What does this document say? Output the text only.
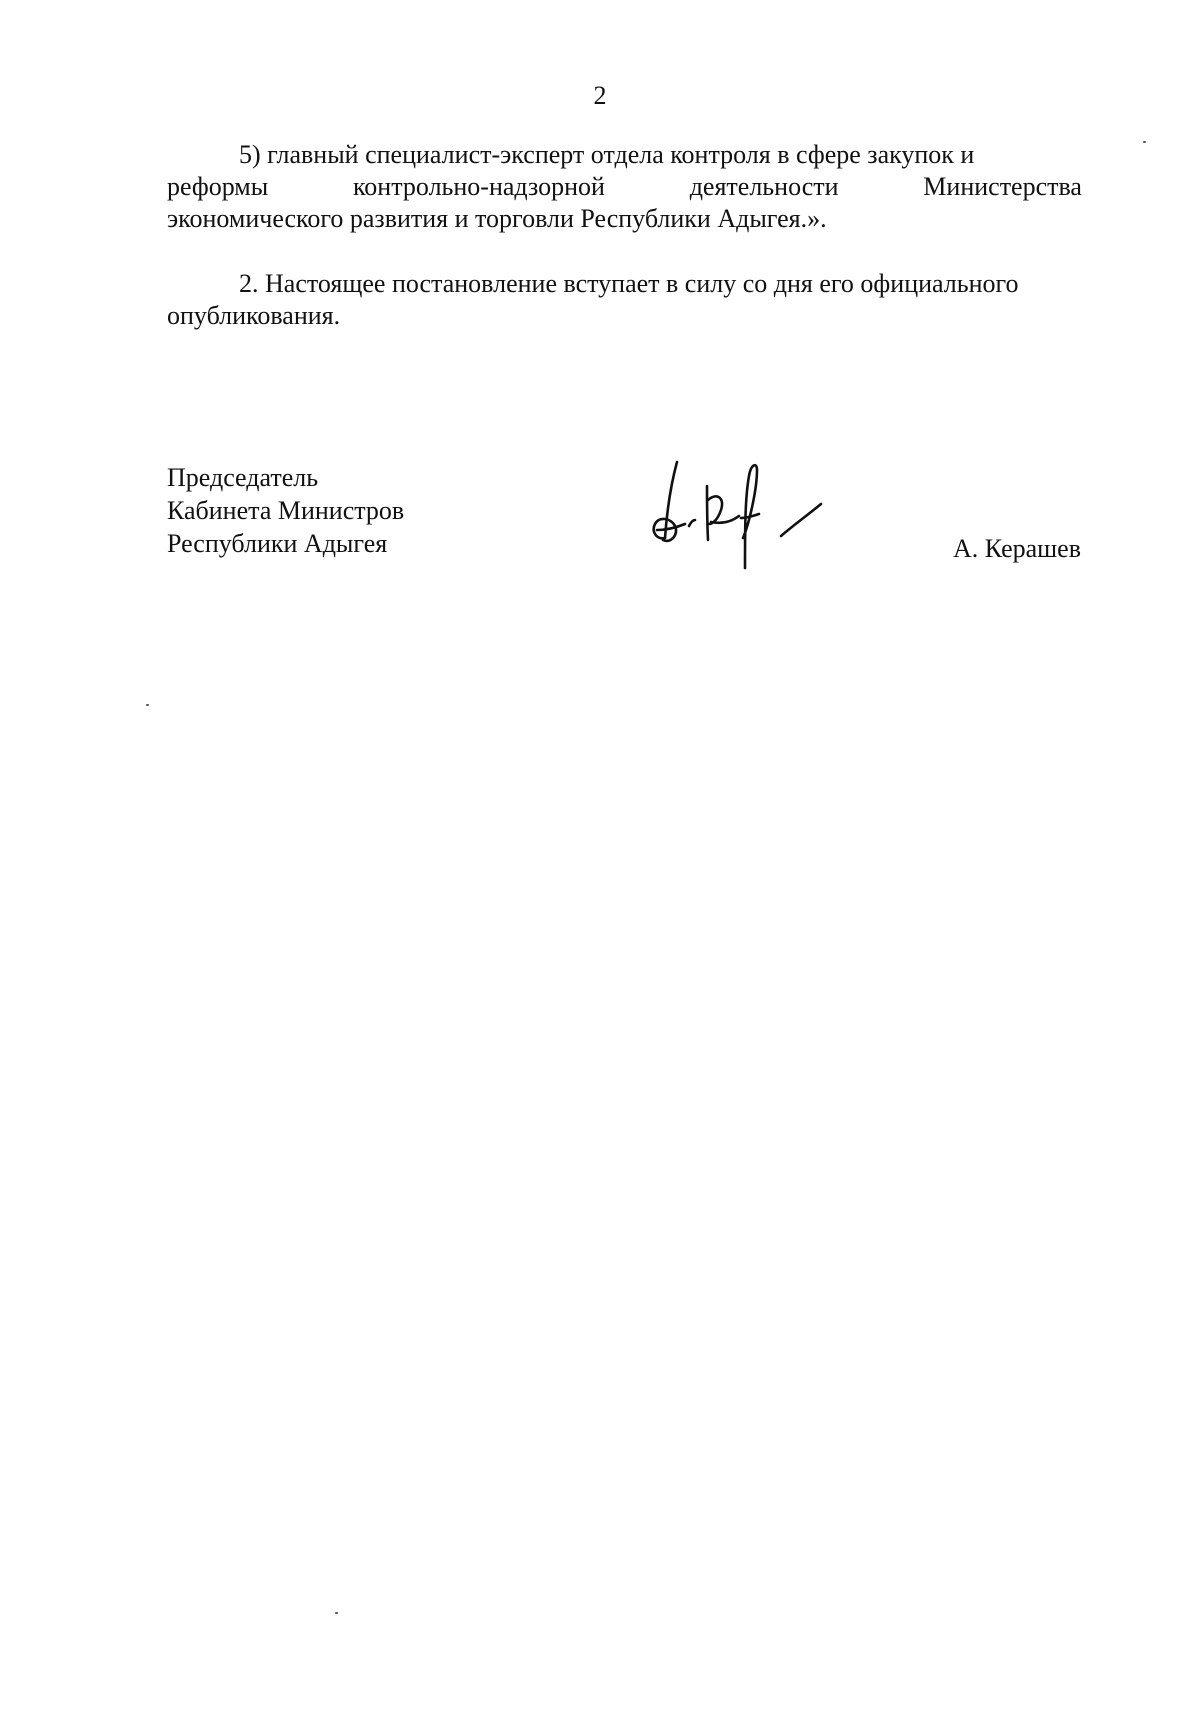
2
5) главный специалист-эксперт отдела контроля в сфере закупок и
реформы	контрольно-надзорной	деятельности	Министерства
экономического развития и торговли Республики Адыгея.».
2. Настоящее постановление вступает в силу со дня его официального
опубликования.
Председатель
Кабинета Министров
Республики Адыгея	А. Керашев
